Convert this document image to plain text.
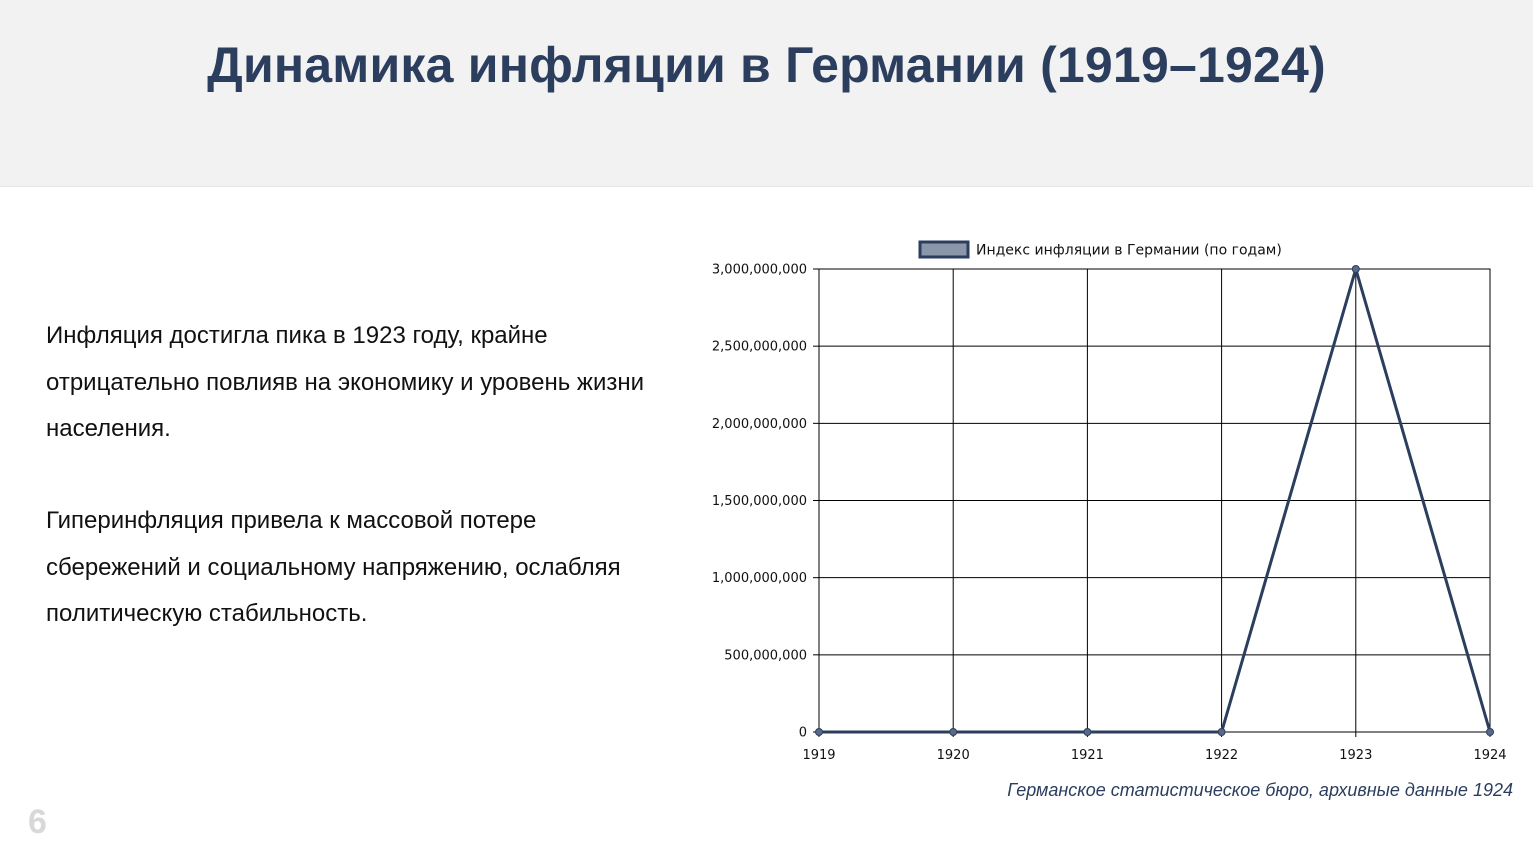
Динамика инфляции в Германии (1919–1924)
Инфляция достигла пика в 1923 году, крайне отрицательно повлияв на экономику и уровень жизни населения.
Гиперинфляция привела к массовой потере сбережений и социальному напряжению, ослабляя политическую стабильность.
Индекс инфляции в Германии (по годам)
0
500,000,000
1,000,000,000
1,500,000,000
2,000,000,000
2,500,000,000
3,000,000,000
1919	1920	1921	1922	1923	1924
Германское статистическое бюро, архивные данные 1924
6
